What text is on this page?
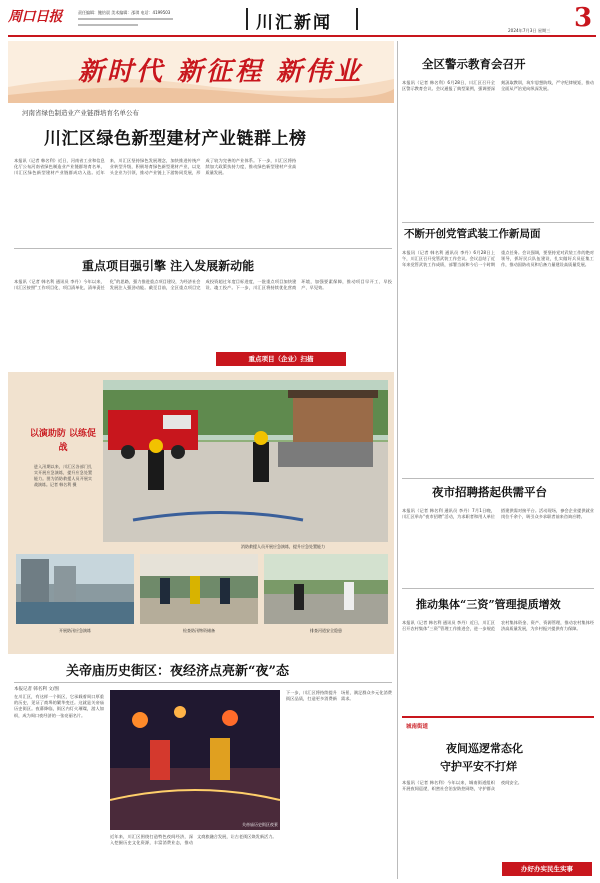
周口日报	责任编辑：鲍怡晨 美术编辑：邵琪 电话：4199503
川汇新闻	2024年7月3日 星期三 3
新时代 新征程 新伟业
河南省绿色制造业产业链群培育名单公布
川汇区绿色新型建材产业链群上榜
本报讯（记者 韩名利）近日，河南省工业和信息化厅公布河南省绿色制造业产业链群培育名单，川汇区绿色新型建材产业链群成功入选。近年来，川汇区坚持绿色发展理念，加快推进传统产业转型升级，积极培育绿色新型建材产业，以龙头企业为引领，推动产业链上下游协同发展，形成了较为完善的产业体系。下一步，川汇区将持续加大政策扶持力度，推动绿色新型建材产业高质量发展。
重点项目强引擎 注入发展新动能
本报讯（记者 韩名利 通讯员 李丹）今年以来，川汇区按照“工作项目化、项目清单化、清单责任化”的思路，强力推进重点项目建设，为经济社会发展注入强劲动能。截至目前，全区重点项目完成投资超过年度目标进度，一批重点项目加快建设、竣工投产。下一步，川汇区将持续优化营商环境，加强要素保障，推动项目早开工、早投产、早见效。
重点项目（企业）扫描
以演助防 以练促战
进入汛期以来，川汇区各部门扎实开展应急演练，提升应急处置能力。图为消防救援人员开展实战演练。记者 韩名利 摄
消防救援人员开展应急演练，提升应急处置能力
开展防汛应急演练	检查防汛物资储备	排查河道安全隐患
关帝庙历史街区：夜经济点亮新“夜”态
本报记者 韩名利 文/图
在川汇区，有这样一个街区，它承载着周口厚重的历史，见证了商埠的繁华变迁。这就是关帝庙历史街区。夜幕降临，街区内灯火璀璨，游人如织，成为周口夜经济的一张亮丽名片。
关帝庙历史街区夜景
近年来，川汇区围绕打造特色夜间经济，深入挖掘历史文化资源，丰富消费业态，推动文商旅融合发展，让古老街区焕发新活力。
下一步，川汇区将持续提升街区品质，打造更多消费新场景，满足群众多元化消费需求。
全区警示教育会召开
本报讯（记者 韩名利）6月28日，川汇区召开全区警示教育会议。会议通报了典型案例，强调要深刻汲取教训，筑牢思想防线，严守纪律规矩，推动全面从严治党向纵深发展。
不断开创党管武装工作新局面
本报讯（记者 韩名利 通讯员 李丹）6月28日上午，川汇区召开党管武装工作会议。会议总结了近年来党管武装工作成绩，部署当前和今后一个时期重点任务。会议强调，要坚持党对武装工作的绝对领导，抓好民兵队伍建设，扎实做好兵员征集工作，推动国防动员和后备力量建设高质量发展。
夜市招聘搭起供需平台
本报讯（记者 韩名利 通讯员 李丹）7月1日晚，川汇区举办“夜市招聘”活动，为求职者和用人单位搭建供需对接平台。活动现场，参会企业提供就业岗位千余个，吸引众多求职者前来咨询应聘。
推动集体“三资”管理提质增效
本报讯（记者 韩名利 通讯员 李丹）近日，川汇区召开农村集体“三资”管理工作推进会，进一步规范农村集体资金、资产、资源管理，推动农村集体经济高质量发展，为乡村振兴提供有力保障。
城南街道
夜间巡逻常态化
守护平安不打烊
本报讯（记者 韩名利）今年以来，城南街道组织开展夜间巡逻，织密社会治安防控网络，守护群众夜间安全。
办好办实民生实事
